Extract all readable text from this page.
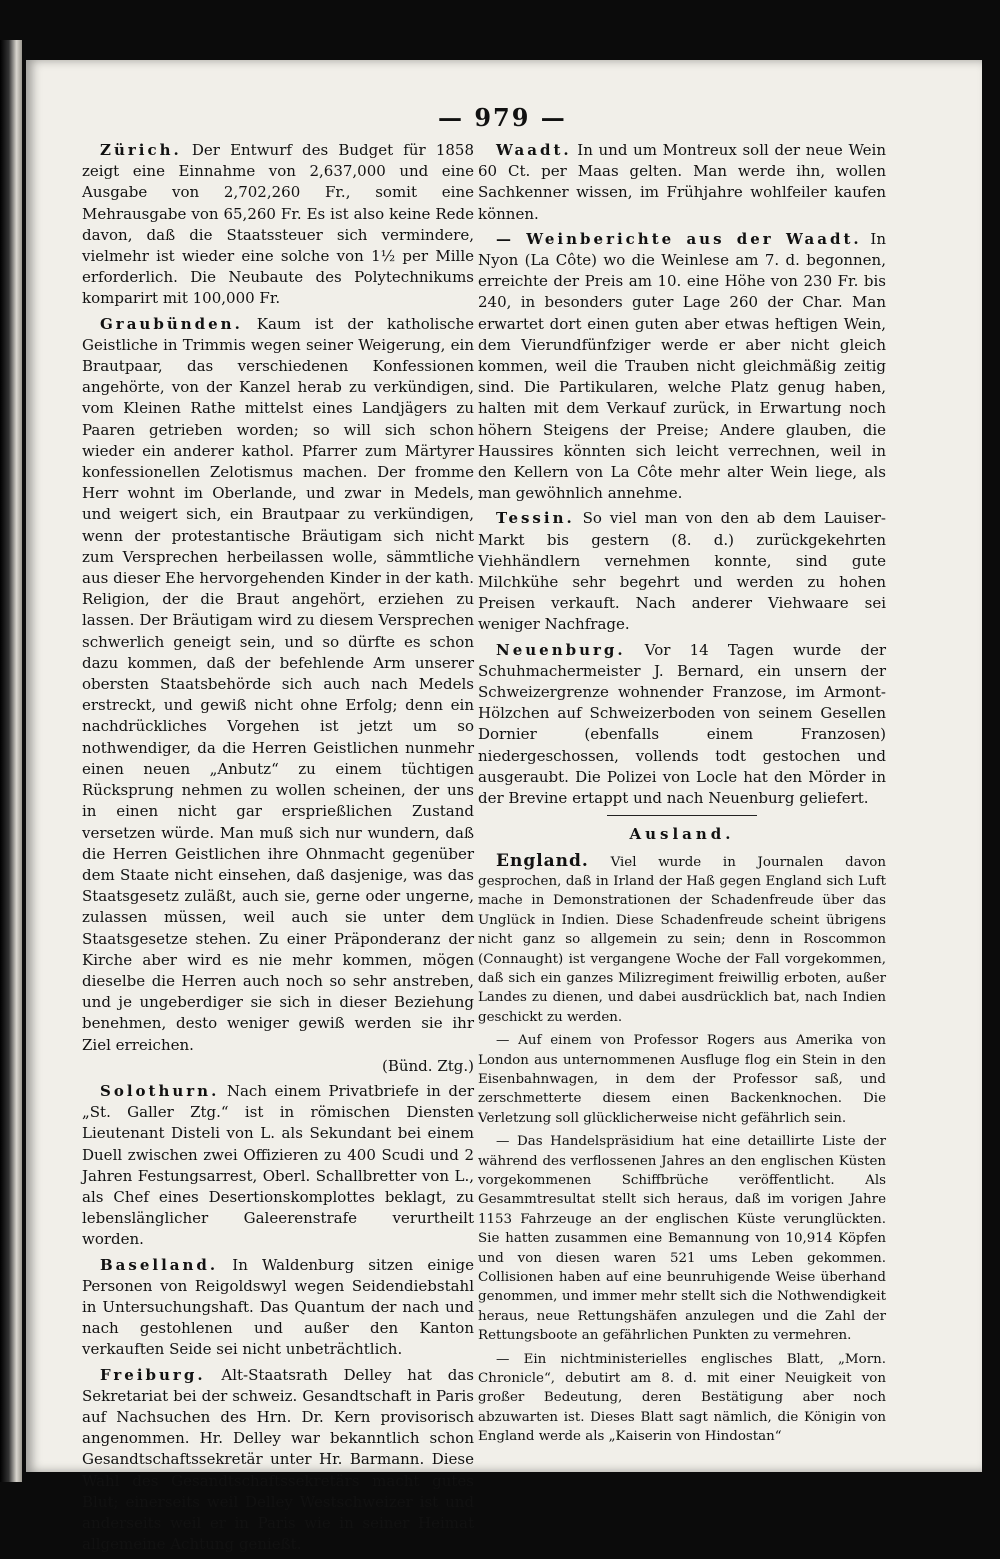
— 979 —

Zürich. Der Entwurf des Budget für 1858 zeigt eine Einnahme von 2,637,000 und eine Ausgabe von 2,702,260 Fr., somit eine Mehrausgabe von 65,260 Fr. Es ist also keine Rede davon, daß die Staatssteuer sich verminderе, vielmehr ist wieder eine solche von 1½ per Mille erforderlich. Die Neubaute des Polytechnikums komparirt mit 100,000 Fr.

Graubünden. Kaum ist der katholische Geistliche in Trimmis wegen seiner Weigerung, ein Brautpaar, das verschiedenen Konfessionen angehörte, von der Kanzel herab zu verkündigen, vom Kleinen Rathe mittelst eines Landjägers zu Paaren getrieben worden; so will sich schon wieder ein anderer kathol. Pfarrer zum Märtyrer konfessionellen Zelotismus machen. Der fromme Herr wohnt im Oberlande, und zwar in Medels, und weigert sich, ein Brautpaar zu verkündigen, wenn der protestantische Bräutigam sich nicht zum Versprechen herbeilassen wolle, sämmtliche aus dieser Ehe hervorgehenden Kinder in der kath. Religion, der die Braut angehört, erziehen zu lassen. Der Bräutigam wird zu diesem Versprechen schwerlich geneigt sein, und so dürfte es schon dazu kommen, daß der befehlende Arm unserer obersten Staatsbehörde sich auch nach Medels erstreckt, und gewiß nicht ohne Erfolg; denn ein nachdrückliches Vorgehen ist jetzt um so nothwendiger, da die Herren Geistlichen nunmehr einen neuen „Anbutz“ zu einem tüchtigen Rücksprung nehmen zu wollen scheinen, der uns in einen nicht gar ersprießlichen Zustand versetzen würde. Man muß sich nur wundern, daß die Herren Geistlichen ihre Ohnmacht gegenüber dem Staate nicht einsehen, daß dasjenige, was das Staatsgesetz zuläßt, auch sie, gerne oder ungerne, zulassen müssen, weil auch sie unter dem Staatsgesetze stehen. Zu einer Präponderanz der Kirche aber wird es nie mehr kommen, mögen dieselbe die Herren auch noch so sehr anstreben, und je ungeberdiger sie sich in dieser Beziehung benehmen, desto weniger gewiß werden sie ihr Ziel erreichen.
(Bünd. Ztg.)

Solothurn. Nach einem Privatbriefe in der „St. Galler Ztg.“ ist in römischen Diensten Lieutenant Disteli von L. als Sekundant bei einem Duell zwischen zwei Offizieren zu 400 Scudi und 2 Jahren Festungsarrest, Oberl. Schallbretter von L., als Chef eines Desertionskomplottes beklagt, zu lebenslänglicher Galeerenstrafe verurtheilt worden.

Baselland. In Waldenburg sitzen einige Personen von Reigoldswyl wegen Seidendiebstahl in Untersuchungshaft. Das Quantum der nach und nach gestohlenen und außer den Kanton verkauften Seide sei nicht unbeträchtlich.

Freiburg. Alt-Staatsrath Delley hat das Sekretariat bei der schweiz. Gesandtschaft in Paris auf Nachsuchen des Hrn. Dr. Kern provisorisch angenommen. Hr. Delley war bekanntlich schon Gesandtschaftssekretär unter Hr. Barmann. Diese Wahl des Gesandtschaftssekretärs macht gutes Blut; einerseits weil Delley Westschweizer ist und anderseits weil er in Paris wie in seiner Heimat allgemeine Achtung genießt.

Waadt. In und um Montreux soll der neue Wein 60 Ct. per Maas gelten. Man werde ihn, wollen Sachkenner wissen, im Frühjahre wohlfeiler kaufen können.

— Weinberichte aus der Waadt. In Nyon (La Côte) wo die Weinlese am 7. d. begonnen, erreichte der Preis am 10. eine Höhe von 230 Fr. bis 240, in besonders guter Lage 260 der Char. Man erwartet dort einen guten aber etwas heftigen Wein, dem Vierundfünfziger werde er aber nicht gleich kommen, weil die Trauben nicht gleichmäßig zeitig sind. Die Partikularen, welche Platz genug haben, halten mit dem Verkauf zurück, in Erwartung noch höhern Steigens der Preise; Andere glauben, die Haussires könnten sich leicht verrechnen, weil in den Kellern von La Côte mehr alter Wein liege, als man gewöhnlich annehme.

Tessin. So viel man von den ab dem Lauiser-Markt bis gestern (8. d.) zurückgekehrten Viehhändlern vernehmen konnte, sind gute Milchkühe sehr begehrt und werden zu hohen Preisen verkauft. Nach anderer Viehwaare sei weniger Nachfrage.

Neuenburg. Vor 14 Tagen wurde der Schuhmachermeister J. Bernard, ein unsern der Schweizergrenze wohnender Franzose, im Armont-Hölzchen auf Schweizerboden von seinem Gesellen Dornier (ebenfalls einem Franzosen) niedergeschossen, vollends todt gestochen und ausgeraubt. Die Polizei von Locle hat den Mörder in der Brevine ertappt und nach Neuenburg geliefert.

Ausland.

England. Viel wurde in Journalen davon gesprochen, daß in Irland der Haß gegen England sich Luft mache in Demonstrationen der Schadenfreude über das Unglück in Indien. Diese Schadenfreude scheint übrigens nicht ganz so allgemein zu sein; denn in Roscommon (Connaught) ist vergangene Woche der Fall vorgekommen, daß sich ein ganzes Milizregiment freiwillig erboten, außer Landes zu dienen, und dabei ausdrücklich bat, nach Indien geschickt zu werden.

— Auf einem von Professor Rogers aus Amerika von London aus unternommenen Ausfluge flog ein Stein in den Eisenbahnwagen, in dem der Professor saß, und zerschmetterte diesem einen Backenknochen. Die Verletzung soll glücklicherweise nicht gefährlich sein.

— Das Handelspräsidium hat eine detaillirte Liste der während des verflossenen Jahres an den englischen Küsten vorgekommenen Schiffbrüche veröffentlicht. Als Gesammtresultat stellt sich heraus, daß im vorigen Jahre 1153 Fahrzeuge an der englischen Küste verunglückten. Sie hatten zusammen eine Bemannung von 10,914 Köpfen und von diesen waren 521 ums Leben gekommen. Collisionen haben auf eine beunruhigende Weise überhand genommen, und immer mehr stellt sich die Nothwendigkeit heraus, neue Rettungshäfen anzulegen und die Zahl der Rettungsboote an gefährlichen Punkten zu vermehren.

— Ein nichtministerielles englisches Blatt, „Morn. Chronicle“, debutirt am 8. d. mit einer Neuigkeit von großer Bedeutung, deren Bestätigung aber noch abzuwarten ist. Dieses Blatt sagt nämlich, die Königin von England werde als „Kaiserin von Hindostan“
